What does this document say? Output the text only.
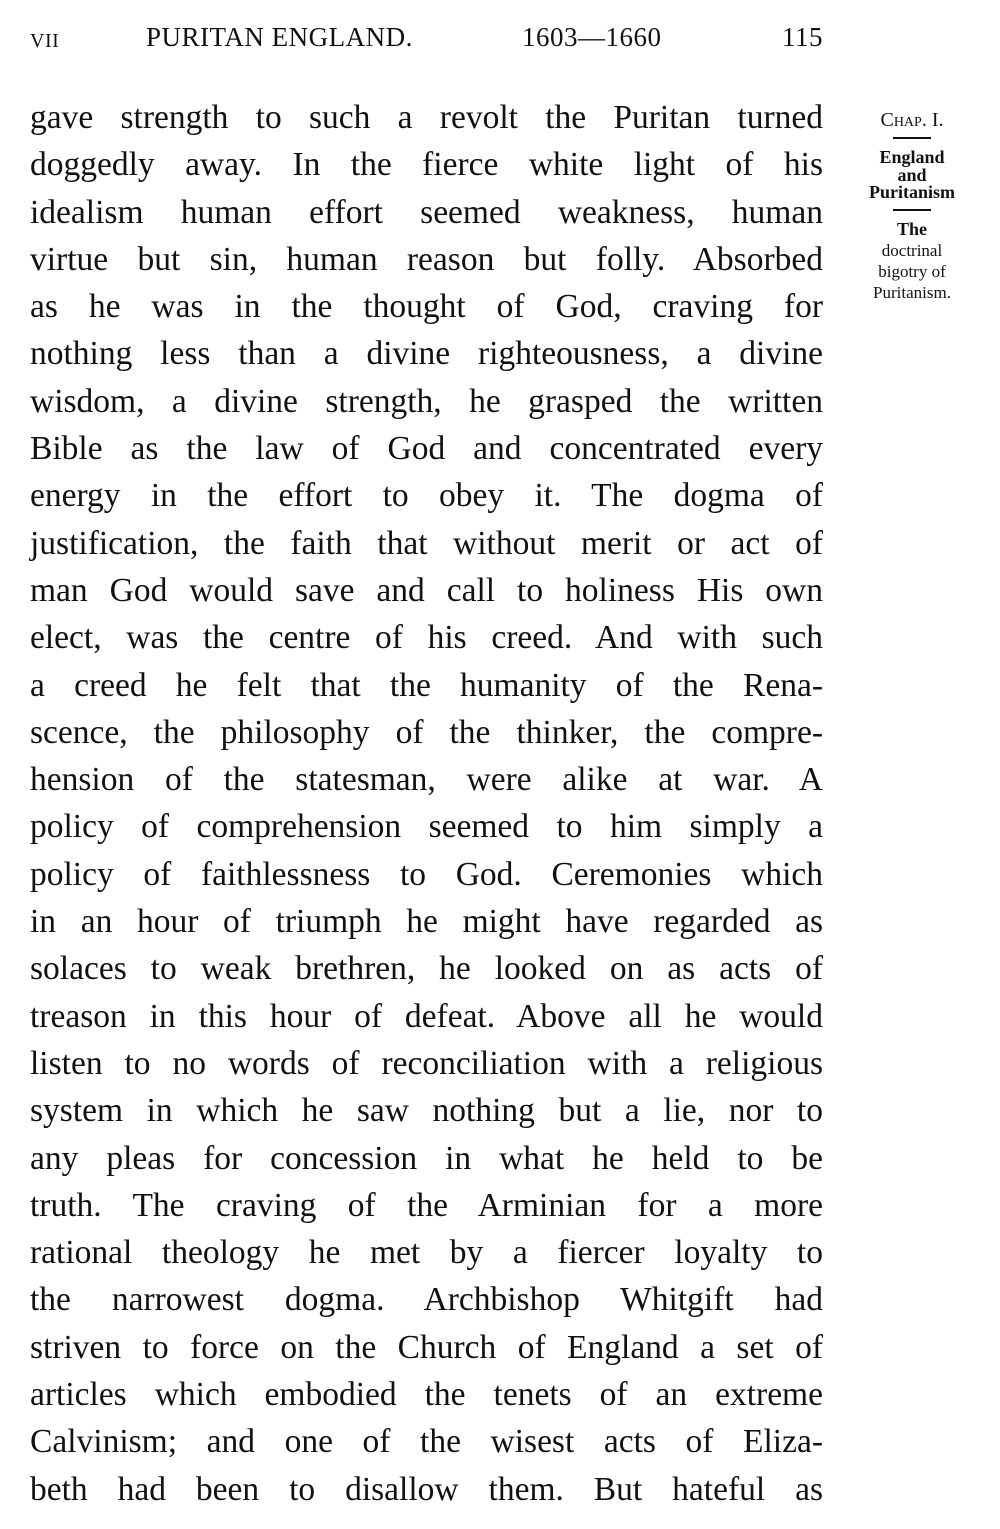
VII	PURITAN ENGLAND.	1603—1660	115
gave strength to such a revolt the Puritan turned
doggedly away. In the fierce white light of his
idealism human effort seemed weakness, human
virtue but sin, human reason but folly. Absorbed
as he was in the thought of God, craving for
nothing less than a divine righteousness, a divine
wisdom, a divine strength, he grasped the written
Bible as the law of God and concentrated every
energy in the effort to obey it. The dogma of
justification, the faith that without merit or act of
man God would save and call to holiness His own
elect, was the centre of his creed. And with such
a creed he felt that the humanity of the Rena-
scence, the philosophy of the thinker, the compre-
hension of the statesman, were alike at war. A
policy of comprehension seemed to him simply a
policy of faithlessness to God. Ceremonies which
in an hour of triumph he might have regarded as
solaces to weak brethren, he looked on as acts of
treason in this hour of defeat. Above all he would
listen to no words of reconciliation with a religious
system in which he saw nothing but a lie, nor to
any pleas for concession in what he held to be
truth. The craving of the Arminian for a more
rational theology he met by a fiercer loyalty to
the narrowest dogma. Archbishop Whitgift had
striven to force on the Church of England a set of
articles which embodied the tenets of an extreme
Calvinism; and one of the wisest acts of Eliza-
beth had been to disallow them. But hateful as
Chap. I.
England
and
Puritanism
The
doctrinal
bigotry of
Puritanism.
